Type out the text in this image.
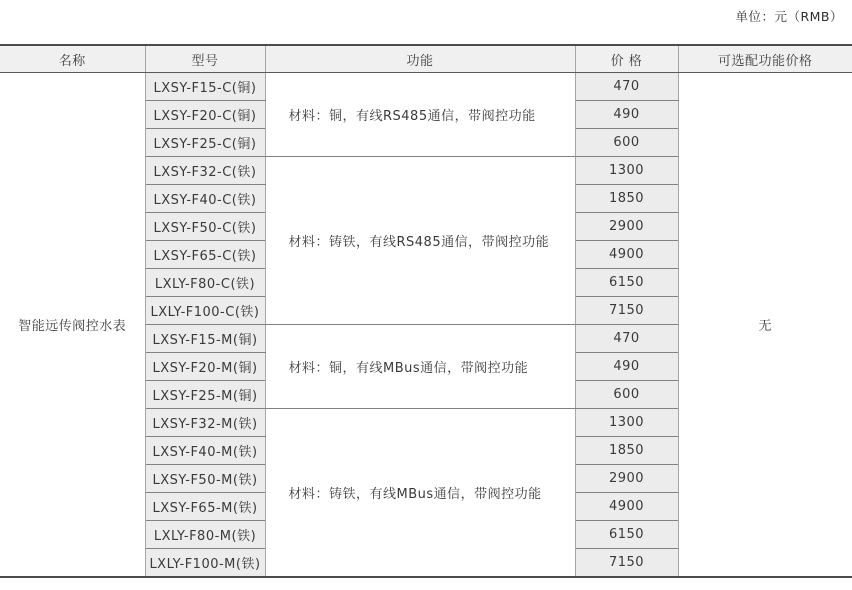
单位：元（RMB）
名称	型号	功能	价 格	可选配功能价格
智能远传阀控水表	LXSY-F15-C(铜)	材料：铜，有线RS485通信，带阀控功能	470	无
	LXSY-F20-C(铜)		490	
	LXSY-F25-C(铜)		600	
	LXSY-F32-C(铁)	材料：铸铁，有线RS485通信，带阀控功能	1300	
	LXSY-F40-C(铁)		1850	
	LXSY-F50-C(铁)		2900	
	LXSY-F65-C(铁)		4900	
	LXLY-F80-C(铁)		6150	
	LXLY-F100-C(铁)		7150	
	LXSY-F15-M(铜)	材料：铜，有线MBus通信，带阀控功能	470	
	LXSY-F20-M(铜)		490	
	LXSY-F25-M(铜)		600	
	LXSY-F32-M(铁)	材料：铸铁，有线MBus通信，带阀控功能	1300	
	LXSY-F40-M(铁)		1850	
	LXSY-F50-M(铁)		2900	
	LXSY-F65-M(铁)		4900	
	LXLY-F80-M(铁)		6150	
	LXLY-F100-M(铁)		7150	
